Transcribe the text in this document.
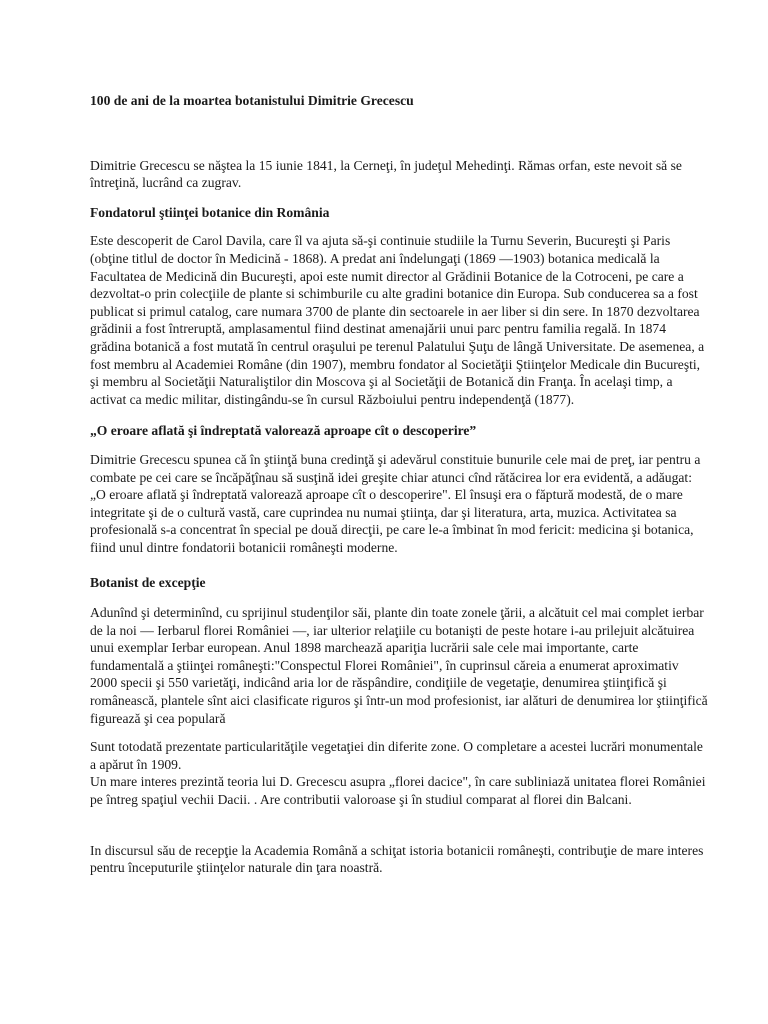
100 de ani de la moartea botanistului Dimitrie Grecescu

Dimitrie Grecescu se năştea la 15 iunie 1841, la Cerneţi, în judeţul Mehedinţi. Rămas orfan, este nevoit să se întreţină, lucrând ca zugrav.

Fondatorul ştiinţei botanice din România

Este descoperit de Carol Davila, care îl va ajuta să-şi continuie studiile la Turnu Severin, Bucureşti şi Paris (obţine titlul de doctor în Medicină - 1868). A predat ani îndelungaţi (1869 —1903) botanica medicală la Facultatea de Medicină din Bucureşti, apoi este numit director al Grădinii Botanice de la Cotroceni, pe care a dezvoltat-o prin colecţiile de plante si schimburile cu alte gradini botanice din Europa. Sub conducerea sa a fost publicat si primul catalog, care numara 3700 de plante din sectoarele in aer liber si din sere. In 1870 dezvoltarea grădinii a fost întreruptă, amplasamentul fiind destinat amenajării unui parc pentru familia regală. In 1874 grădina botanică a fost mutată în centrul oraşului pe terenul Palatului Şuţu de lângă Universitate. De asemenea, a fost membru al Academiei Române (din 1907), membru fondator al Societăţii Ştiinţelor Medicale din Bucureşti, şi membru al Societăţii Naturaliştilor din Moscova şi al Societăţii de Botanică din Franţa. În acelaşi timp, a activat ca medic militar, distingându-se în cursul Războiului pentru independenţă (1877).

„O eroare aflată şi îndreptată valorează aproape cît o descoperire”

Dimitrie Grecescu spunea că în ştiinţă buna credinţă şi adevărul constituie bunurile cele mai de preţ, iar pentru a combate pe cei care se încăpăţînau să susţină idei greşite chiar atunci cînd rătăcirea lor era evidentă, a adăugat: „O eroare aflată şi îndreptată valorează aproape cît o descoperire". El însuşi era o făptură modestă, de o mare integritate şi de o cultură vastă, care cuprindea nu numai ştiinţa, dar şi literatura, arta, muzica. Activitatea sa profesională s-a concentrat în special pe două direcţii, pe care le-a îmbinat în mod fericit: medicina şi botanica, fiind unul dintre fondatorii botanicii româneşti moderne.

Botanist de excepţie

Adunînd şi determinînd, cu sprijinul studenţilor săi, plante din toate zonele ţării, a alcătuit cel mai complet ierbar de la noi — Ierbarul florei României —, iar ulterior relaţiile cu botanişti de peste hotare i-au prilejuit alcătuirea unui exemplar Ierbar european. Anul 1898 marchează apariţia lucrării sale cele mai importante, carte fundamentală a ştiinţei româneşti:"Conspectul Florei României", în cuprinsul căreia a enumerat aproximativ 2000 specii şi 550 varietăţi, indicând aria lor de răspândire, condiţiile de vegetaţie, denumirea ştiinţifică şi românească, plantele sînt aici clasificate riguros şi într-un mod profesionist, iar alături de denumirea lor ştiinţifică figurează şi cea populară

Sunt totodată prezentate particularităţile vegetaţiei din diferite zone. O completare a acestei lucrări monumentale a apărut în 1909.

Un mare interes prezintă teoria lui D. Grecescu asupra „florei dacice", în care subliniază unitatea florei României pe întreg spaţiul vechii Dacii. . Are contributii valoroase şi în studiul comparat al florei din Balcani.

In discursul său de recepţie la Academia Română a schiţat istoria botanicii româneşti, contribuţie de mare interes pentru începuturile ştiinţelor naturale din ţara noastră.
